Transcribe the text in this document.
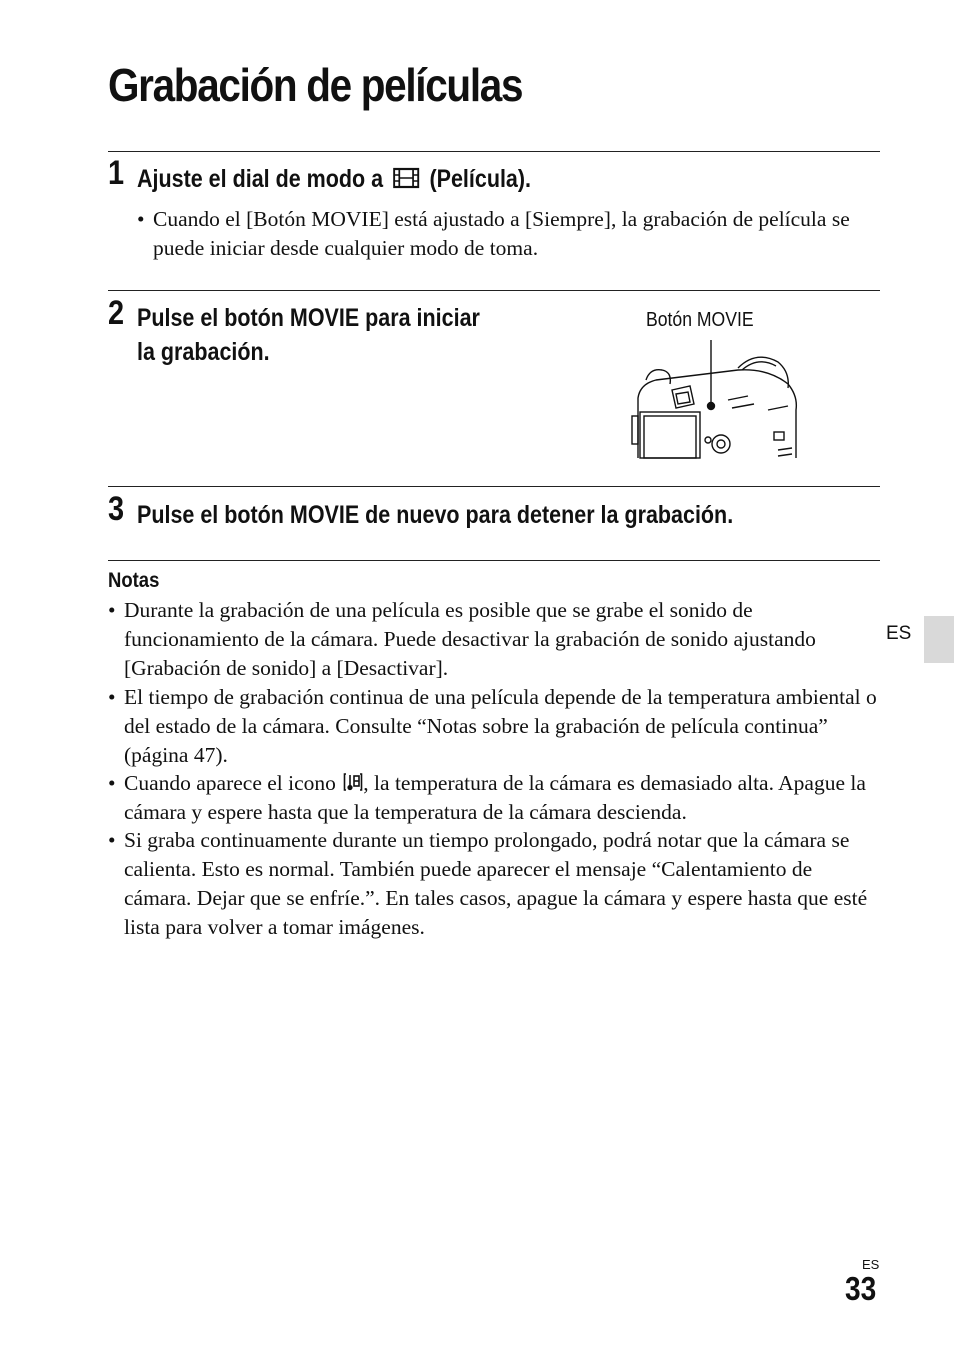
Grabación de películas
1 Ajuste el dial de modo a (Película).
• Cuando el [Botón MOVIE] está ajustado a [Siempre], la grabación de película se puede iniciar desde cualquier modo de toma.
2 Pulse el botón MOVIE para iniciar
la grabación.
Botón MOVIE
3 Pulse el botón MOVIE de nuevo para detener la grabación.
Notas
• Durante la grabación de una película es posible que se grabe el sonido de funcionamiento de la cámara. Puede desactivar la grabación de sonido ajustando [Grabación de sonido] a [Desactivar].
• El tiempo de grabación continua de una película depende de la temperatura ambiental o del estado de la cámara. Consulte “Notas sobre la grabación de película continua” (página 47).
• Cuando aparece el icono , la temperatura de la cámara es demasiado alta. Apague la cámara y espere hasta que la temperatura de la cámara descienda.
• Si graba continuamente durante un tiempo prolongado, podrá notar que la cámara se calienta. Esto es normal. También puede aparecer el mensaje “Calentamiento de cámara. Dejar que se enfríe.”. En tales casos, apague la cámara y espere hasta que esté lista para volver a tomar imágenes.
ES
ES
33
